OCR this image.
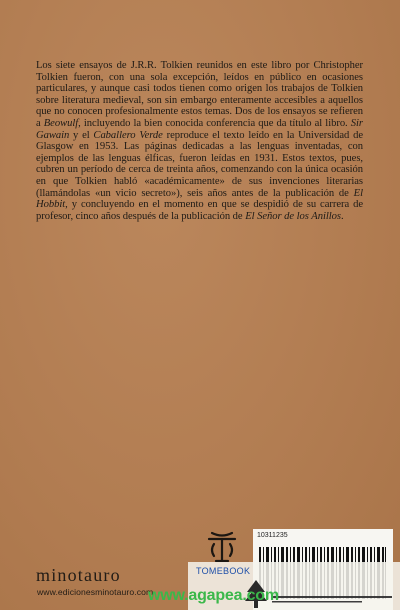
Los siete ensayos de J.R.R. Tolkien reunidos en este libro por Christopher Tolkien fueron, con una sola excepción, leídos en público en ocasiones particulares, y aunque casi todos tienen como origen los trabajos de Tolkien sobre literatura medieval, son sin embargo enteramente accesibles a aquellos que no conocen profesionalmente estos temas. Dos de los ensayos se refieren a Beowulf, incluyendo la bien conocida conferencia que da título al libro. Sir Gawain y el Caballero Verde reproduce el texto leído en la Universidad de Glasgow en 1953. Las páginas dedicadas a las lenguas inventadas, con ejemplos de las lenguas élficas, fueron leídas en 1931. Estos textos, pues, cubren un período de cerca de treinta años, comenzando con la única ocasión en que Tolkien habló «académicamente» de sus invenciones literarias (llamándolas «un vicio secreto»), seis años antes de la publicación de El Hobbit, y concluyendo en el momento en que se despidió de su carrera de profesor, cinco años después de la publicación de El Señor de los Anillos.

minotauro
www.edicionesminotauro.com
10311235
TOMEBOOK
www.agapea.com
